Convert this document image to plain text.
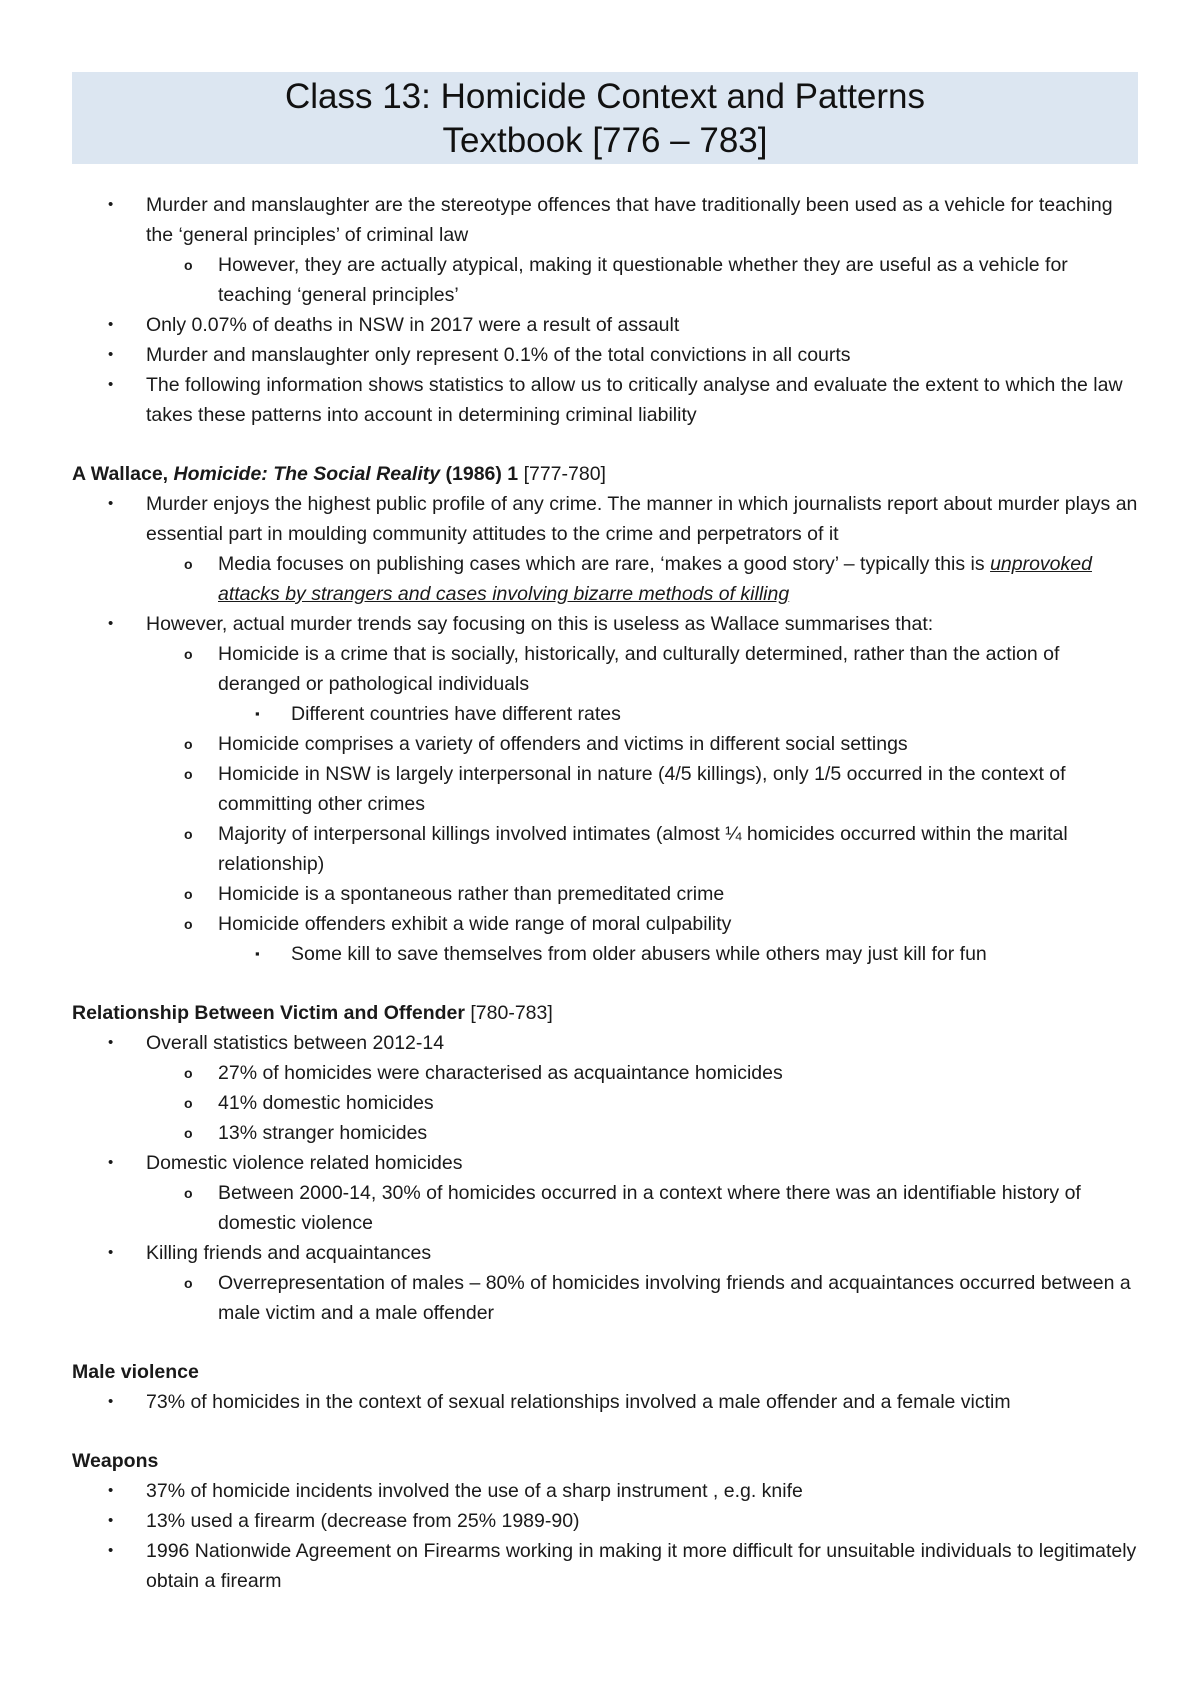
Class 13: Homicide Context and Patterns
Textbook [776 – 783]
• Murder and manslaughter are the stereotype offences that have traditionally been used as a vehicle for teaching the ‘general principles’ of criminal law
o However, they are actually atypical, making it questionable whether they are useful as a vehicle for teaching ‘general principles’
• Only 0.07% of deaths in NSW in 2017 were a result of assault
• Murder and manslaughter only represent 0.1% of the total convictions in all courts
• The following information shows statistics to allow us to critically analyse and evaluate the extent to which the law takes these patterns into account in determining criminal liability
A Wallace, Homicide: The Social Reality (1986) 1 [777-780]
• Murder enjoys the highest public profile of any crime. The manner in which journalists report about murder plays an essential part in moulding community attitudes to the crime and perpetrators of it
o Media focuses on publishing cases which are rare, ‘makes a good story’ – typically this is unprovoked attacks by strangers and cases involving bizarre methods of killing
• However, actual murder trends say focusing on this is useless as Wallace summarises that:
o Homicide is a crime that is socially, historically, and culturally determined, rather than the action of deranged or pathological individuals
▪ Different countries have different rates
o Homicide comprises a variety of offenders and victims in different social settings
o Homicide in NSW is largely interpersonal in nature (4/5 killings), only 1/5 occurred in the context of committing other crimes
o Majority of interpersonal killings involved intimates (almost ¼ homicides occurred within the marital relationship)
o Homicide is a spontaneous rather than premeditated crime
o Homicide offenders exhibit a wide range of moral culpability
▪ Some kill to save themselves from older abusers while others may just kill for fun
Relationship Between Victim and Offender [780-783]
• Overall statistics between 2012-14
o 27% of homicides were characterised as acquaintance homicides
o 41% domestic homicides
o 13% stranger homicides
• Domestic violence related homicides
o Between 2000-14, 30% of homicides occurred in a context where there was an identifiable history of domestic violence
• Killing friends and acquaintances
o Overrepresentation of males – 80% of homicides involving friends and acquaintances occurred between a male victim and a male offender
Male violence
• 73% of homicides in the context of sexual relationships involved a male offender and a female victim
Weapons
• 37% of homicide incidents involved the use of a sharp instrument , e.g. knife
• 13% used a firearm (decrease from 25% 1989-90)
• 1996 Nationwide Agreement on Firearms working in making it more difficult for unsuitable individuals to legitimately obtain a firearm
